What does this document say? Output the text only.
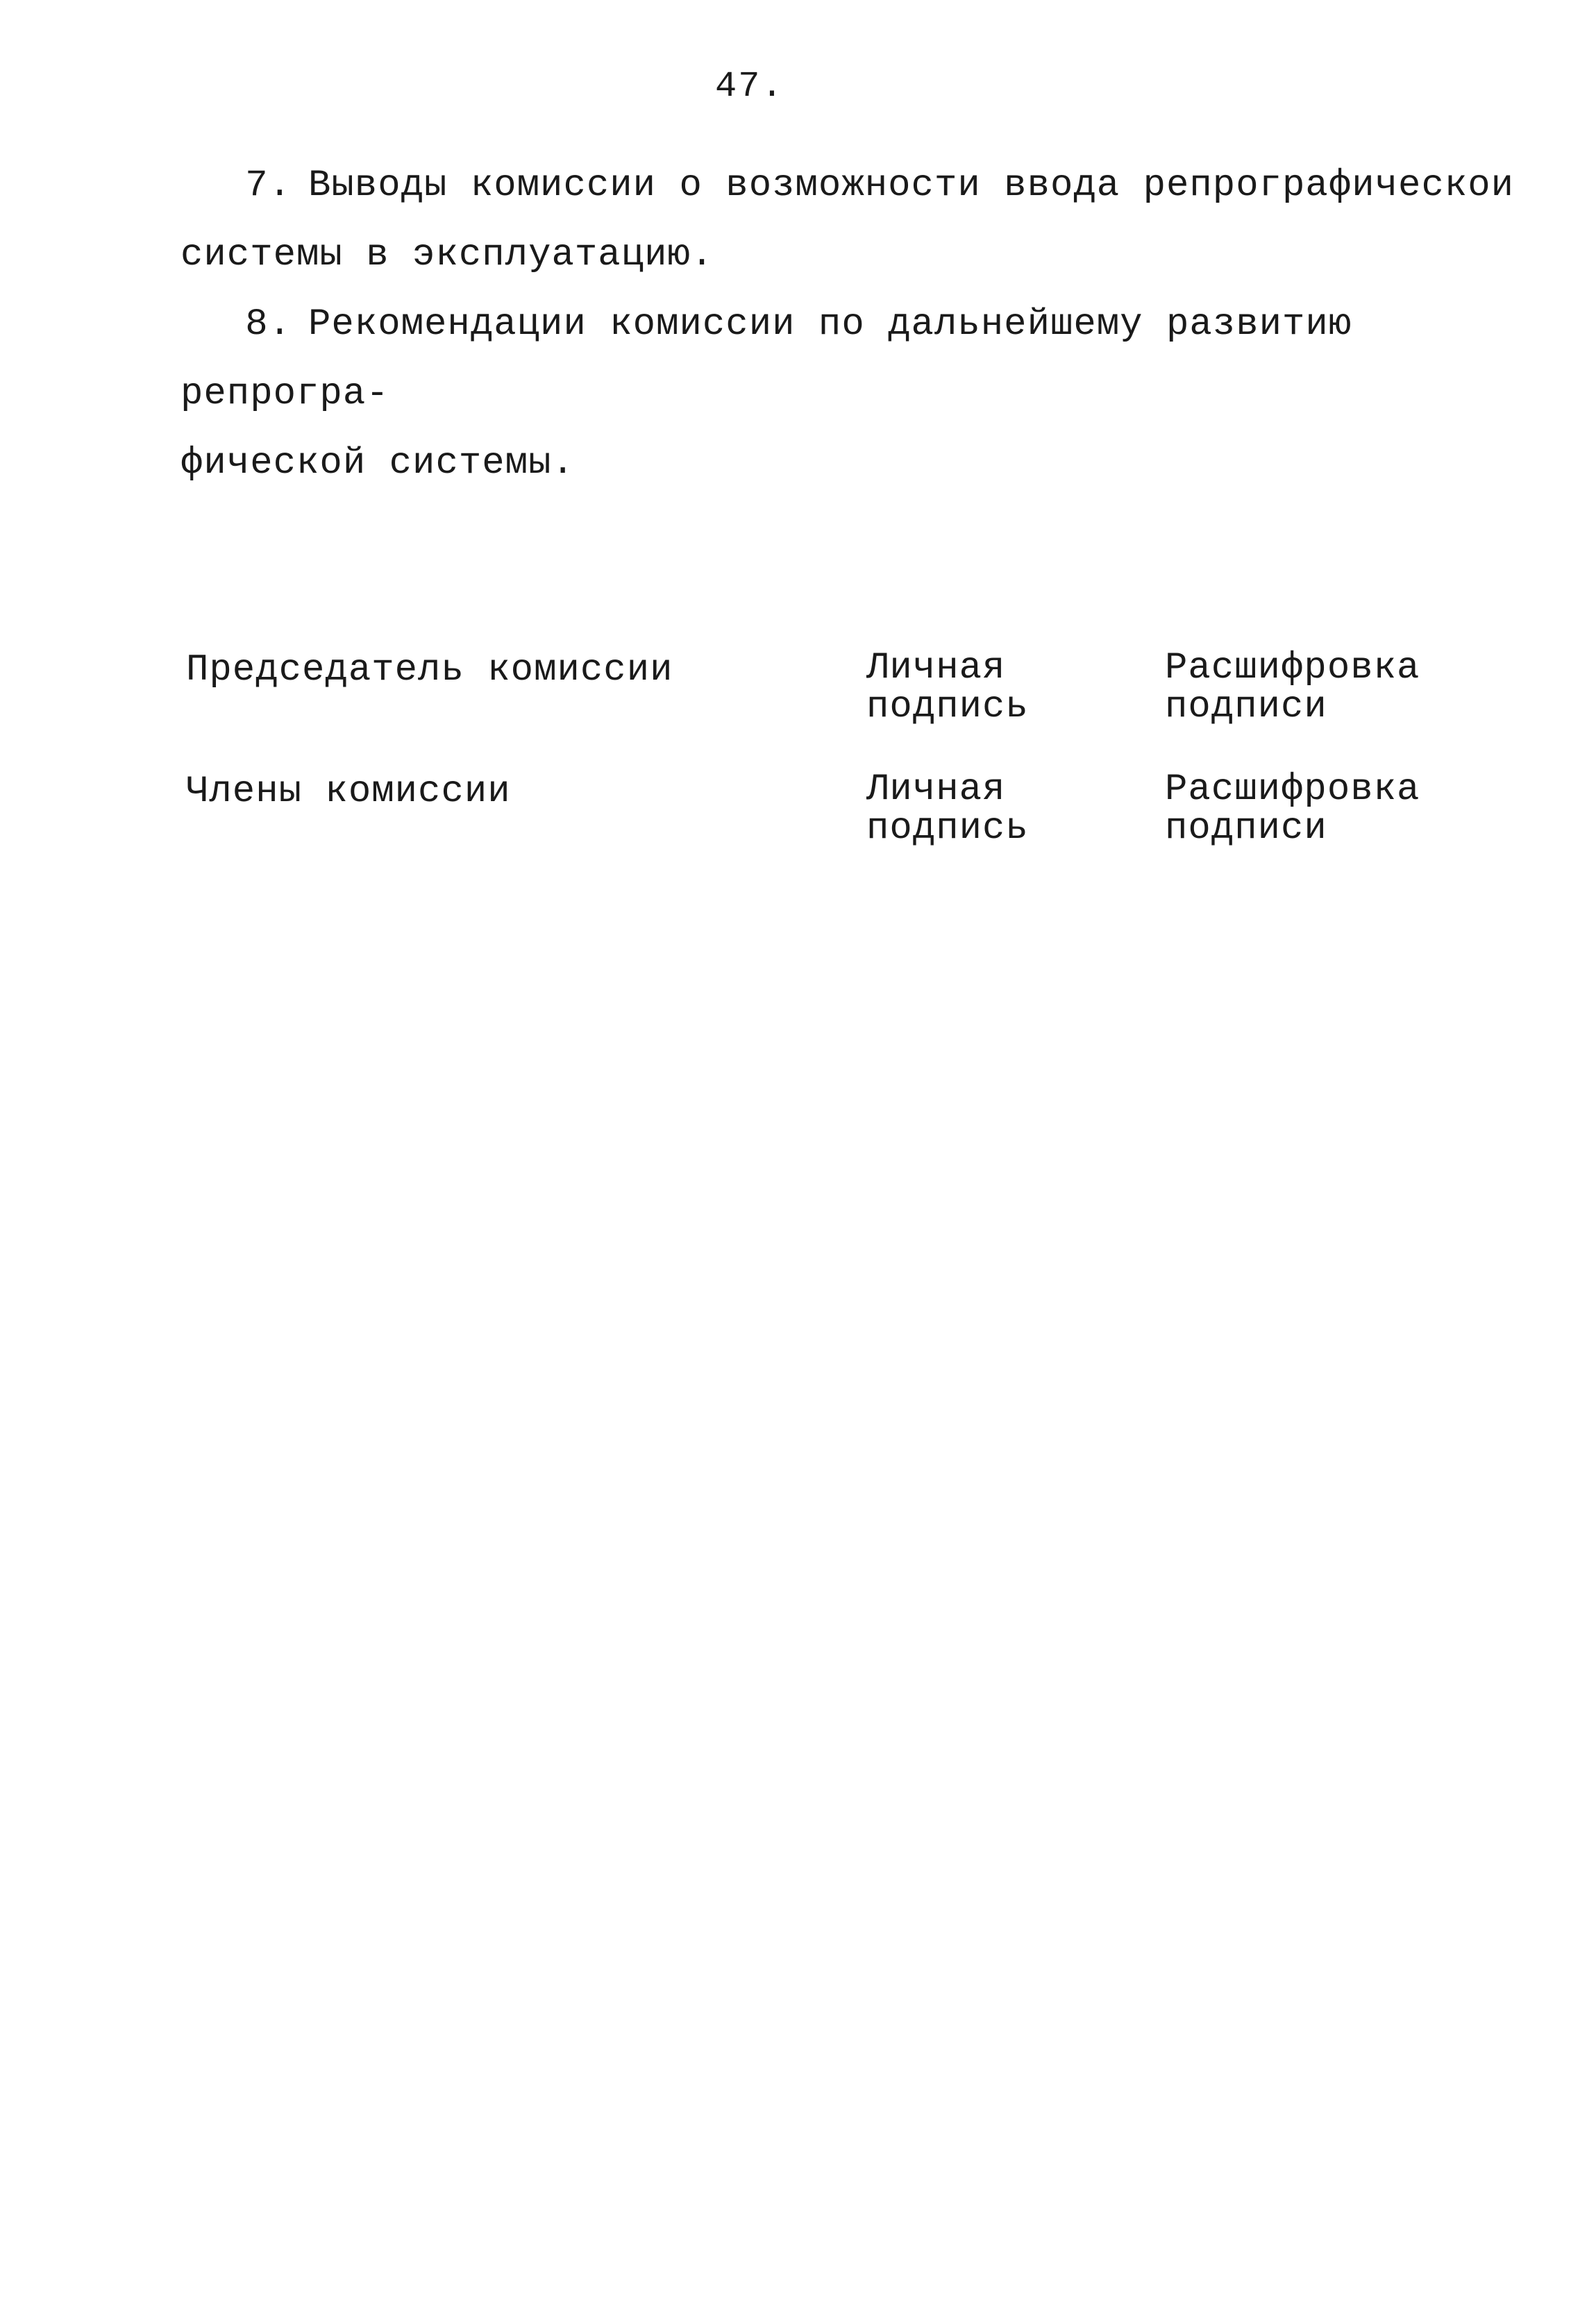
47.
7. Выводы комиссии о возможности ввода репрографическои
системы в эксплуатацию.
8. Рекомендации комиссии по дальнейшему развитию репрогра-
фической системы.
Председатель комиссии	Личная
подпись
Расшифровка
подписи
Члены комиссии	Личная
подпись
Расшифровка
подписи
